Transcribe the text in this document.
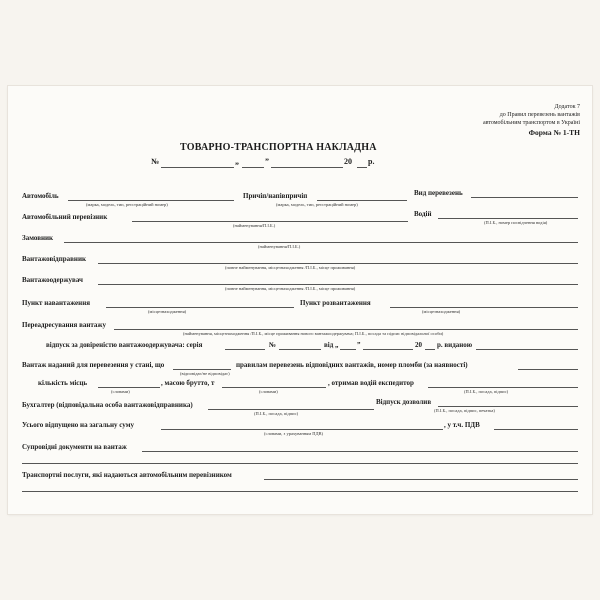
Додаток 7
до Правил перевезень вантажів
автомобільним транспортом в Україні
Форма № 1-ТН
ТОВАРНО-ТРАНСПОРТНА НАКЛАДНА
№	„	”	20 р.
Автомобіль
(марка, модель, тип, реєстраційний номер)
Причіп/напівпричіп
(марка, модель, тип, реєстраційний номер)
Вид перевезень
Автомобільний перевізник
(найменування/П.І.Б.)
Водій
(П.І.Б., номер посвідчення водія)
Замовник
(найменування/П.І.Б.)
Вантажовідправник
(повне найменування, місцезнаходження /П.І.Б., місце проживання)
Вантажоодержувач
(повне найменування, місцезнаходження /П.І.Б., місце проживання)
Пункт навантаження
(місцезнаходження)
Пункт розвантаження
(місцезнаходження)
Переадресування вантажу
(найменування, місцезнаходження /П.І.Б., місце проживання нового вантажоодержувача; П.І.Б., посада та підпис відповідальної особи)
відпуск за довіреністю вантажоодержувача: серія	№	від „	”	20 р. виданою
Вантаж наданий для перевезення у стані, що
(відповідає/не відповідає)
правилам перевезень відповідних вантажів, номер пломби (за наявності)
кількість місць
(словами)
, масою брутто, т
(словами)
, отримав водій експедитор
(П.І.Б., посада, підпис)
Бухгалтер (відповідальна особа вантажовідправника)
(П.І.Б., посада, підпис)
Відпуск дозволив
(П.І.Б., посада, підпис, печатка)
Усього відпущено на загальну суму
(словами, з урахуванням ПДВ)
, у т.ч. ПДВ
Супровідні документи на вантаж
Транспортні послуги, які надаються автомобільним перевізником
